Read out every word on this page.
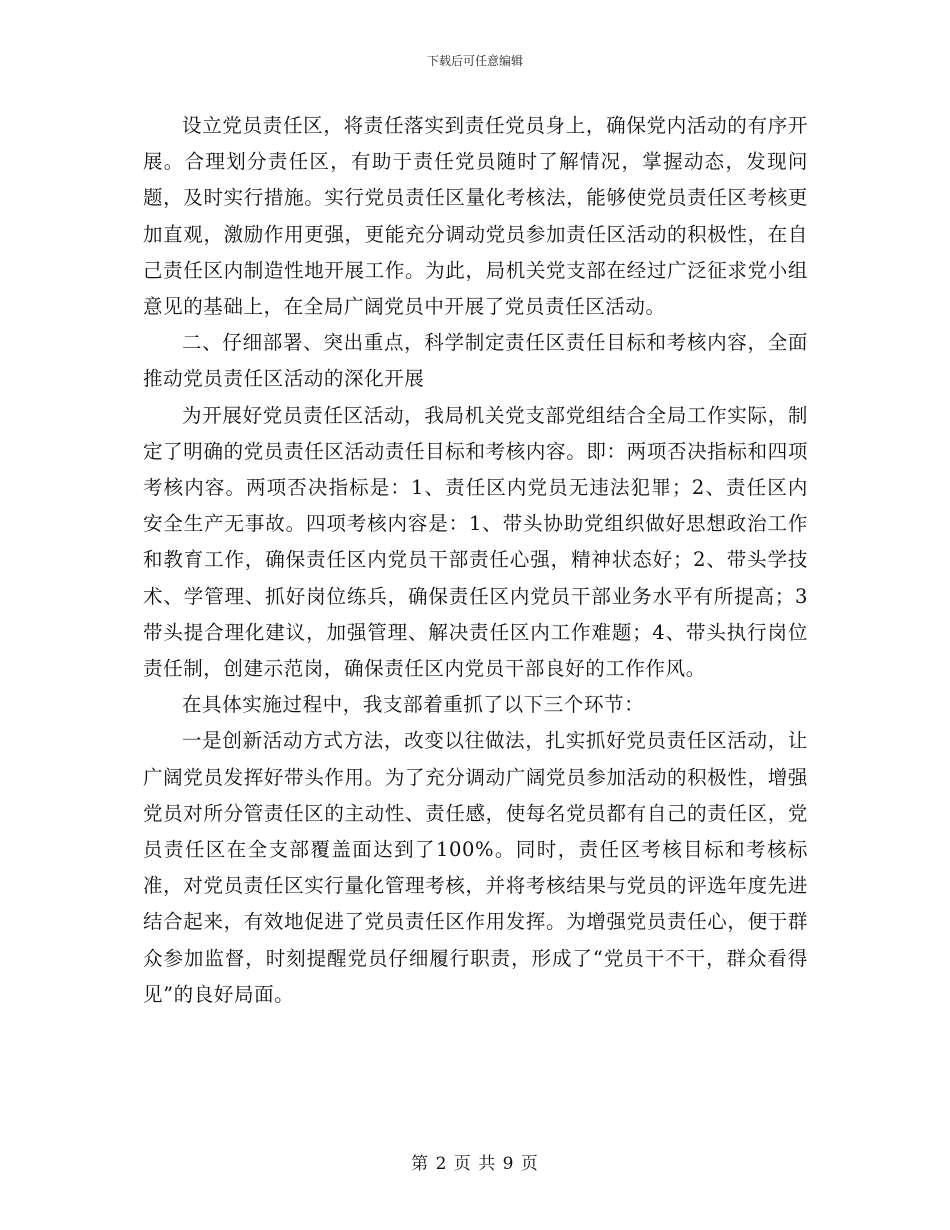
下载后可任意编辑

设立党员责任区，将责任落实到责任党员身上，确保党内活动的有序开展。合理划分责任区，有助于责任党员随时了解情况，掌握动态，发现问题，及时实行措施。实行党员责任区量化考核法，能够使党员责任区考核更加直观，激励作用更强，更能充分调动党员参加责任区活动的积极性，在自己责任区内制造性地开展工作。为此，局机关党支部在经过广泛征求党小组意见的基础上，在全局广阔党员中开展了党员责任区活动。

二、仔细部署、突出重点，科学制定责任区责任目标和考核内容，全面推动党员责任区活动的深化开展

为开展好党员责任区活动，我局机关党支部党组结合全局工作实际，制定了明确的党员责任区活动责任目标和考核内容。即：两项否决指标和四项考核内容。两项否决指标是：1、责任区内党员无违法犯罪；2、责任区内安全生产无事故。四项考核内容是：1、带头协助党组织做好思想政治工作和教育工作，确保责任区内党员干部责任心强，精神状态好；2、带头学技术、学管理、抓好岗位练兵，确保责任区内党员干部业务水平有所提高；3带头提合理化建议，加强管理、解决责任区内工作难题；4、带头执行岗位责任制，创建示范岗，确保责任区内党员干部良好的工作作风。

在具体实施过程中，我支部着重抓了以下三个环节：

一是创新活动方式方法，改变以往做法，扎实抓好党员责任区活动，让广阔党员发挥好带头作用。为了充分调动广阔党员参加活动的积极性，增强党员对所分管责任区的主动性、责任感，使每名党员都有自己的责任区，党员责任区在全支部覆盖面达到了100%。同时，责任区考核目标和考核标准，对党员责任区实行量化管理考核，并将考核结果与党员的评选年度先进结合起来，有效地促进了党员责任区作用发挥。为增强党员责任心，便于群众参加监督，时刻提醒党员仔细履行职责，形成了“党员干不干，群众看得见”的良好局面。

第 2 页 共 9 页
